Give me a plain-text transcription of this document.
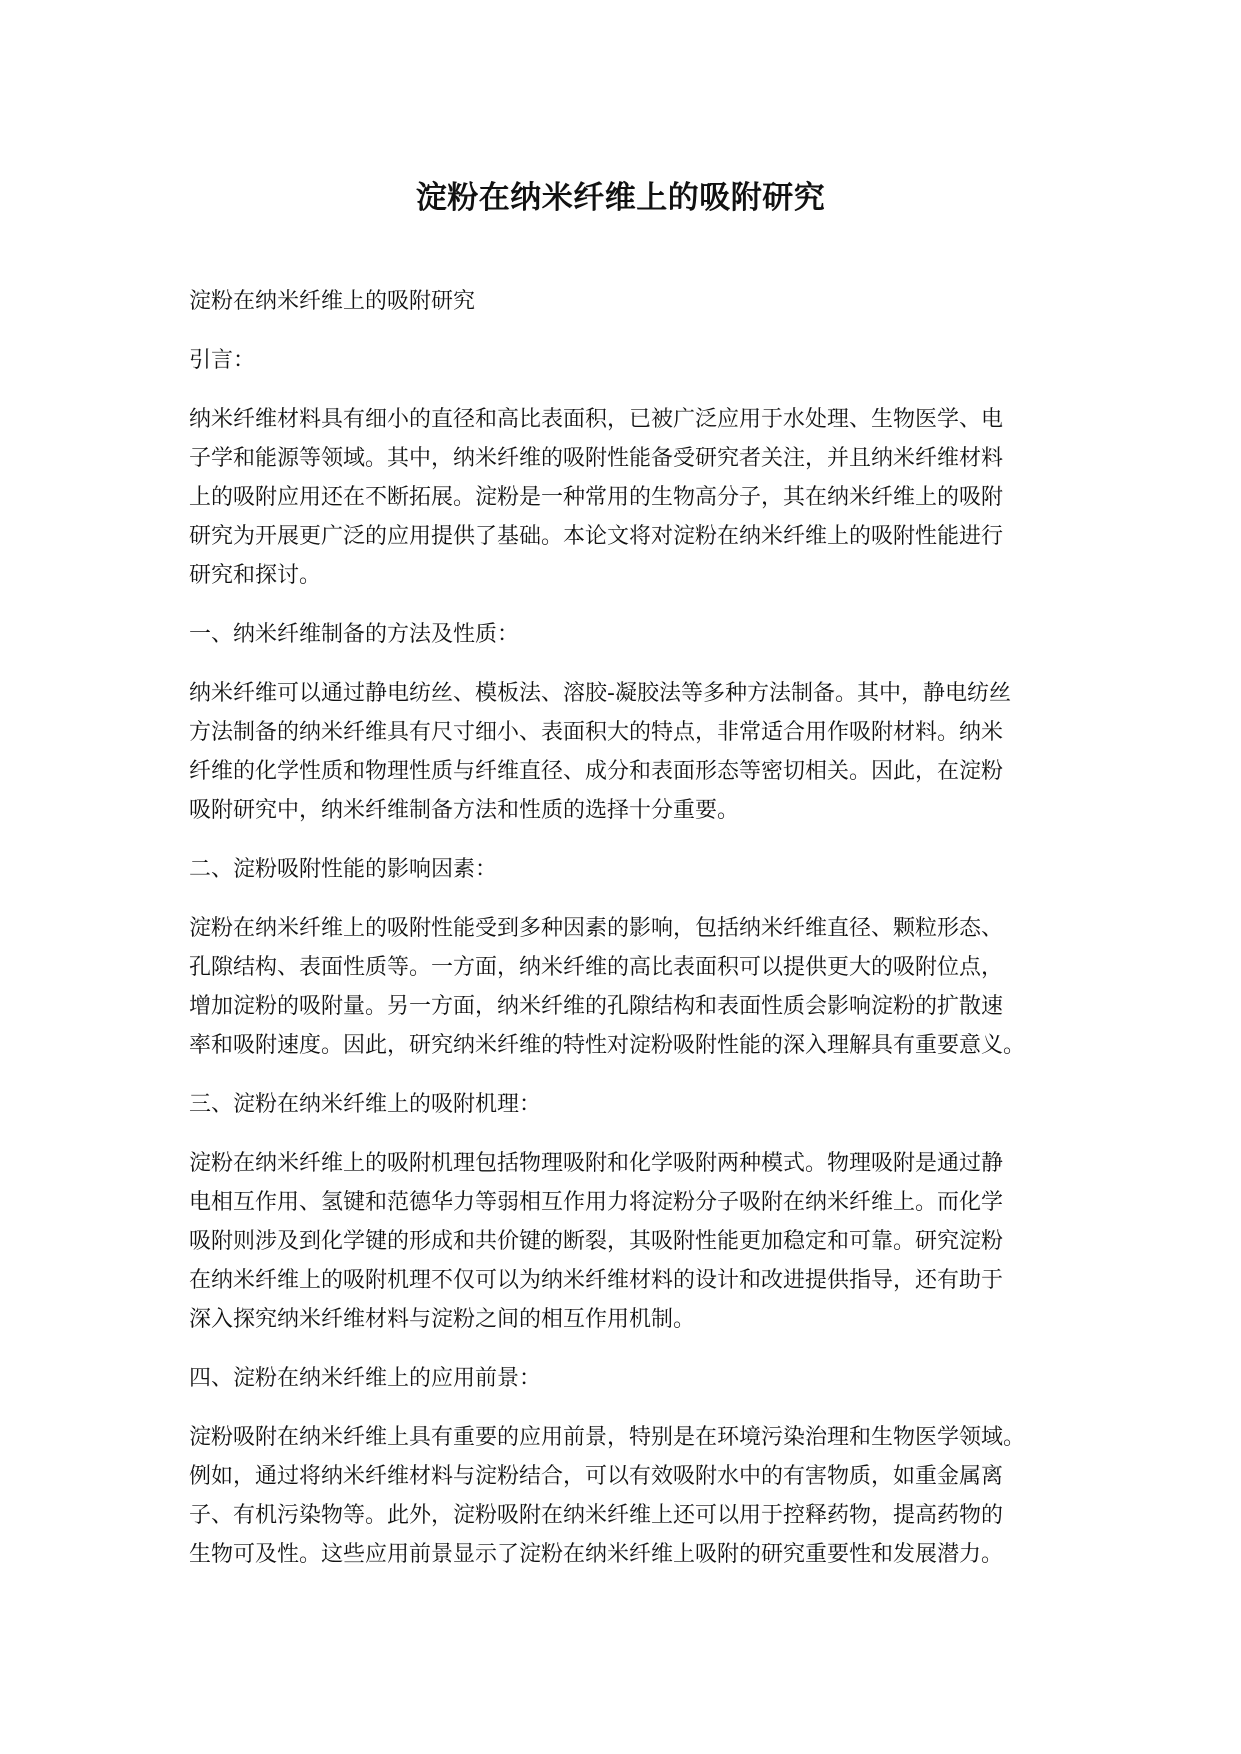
淀粉在纳米纤维上的吸附研究

淀粉在纳米纤维上的吸附研究

引言：

纳米纤维材料具有细小的直径和高比表面积，已被广泛应用于水处理、生物医学、电

子学和能源等领域。其中，纳米纤维的吸附性能备受研究者关注，并且纳米纤维材料

上的吸附应用还在不断拓展。淀粉是一种常用的生物高分子，其在纳米纤维上的吸附

研究为开展更广泛的应用提供了基础。本论文将对淀粉在纳米纤维上的吸附性能进行

研究和探讨。

一、纳米纤维制备的方法及性质：

纳米纤维可以通过静电纺丝、模板法、溶胶-凝胶法等多种方法制备。其中，静电纺丝

方法制备的纳米纤维具有尺寸细小、表面积大的特点，非常适合用作吸附材料。纳米

纤维的化学性质和物理性质与纤维直径、成分和表面形态等密切相关。因此，在淀粉

吸附研究中，纳米纤维制备方法和性质的选择十分重要。

二、淀粉吸附性能的影响因素：

淀粉在纳米纤维上的吸附性能受到多种因素的影响，包括纳米纤维直径、颗粒形态、

孔隙结构、表面性质等。一方面，纳米纤维的高比表面积可以提供更大的吸附位点，

增加淀粉的吸附量。另一方面，纳米纤维的孔隙结构和表面性质会影响淀粉的扩散速

率和吸附速度。因此，研究纳米纤维的特性对淀粉吸附性能的深入理解具有重要意义。

三、淀粉在纳米纤维上的吸附机理：

淀粉在纳米纤维上的吸附机理包括物理吸附和化学吸附两种模式。物理吸附是通过静

电相互作用、氢键和范德华力等弱相互作用力将淀粉分子吸附在纳米纤维上。而化学

吸附则涉及到化学键的形成和共价键的断裂，其吸附性能更加稳定和可靠。研究淀粉

在纳米纤维上的吸附机理不仅可以为纳米纤维材料的设计和改进提供指导，还有助于

深入探究纳米纤维材料与淀粉之间的相互作用机制。

四、淀粉在纳米纤维上的应用前景：

淀粉吸附在纳米纤维上具有重要的应用前景，特别是在环境污染治理和生物医学领域。

例如，通过将纳米纤维材料与淀粉结合，可以有效吸附水中的有害物质，如重金属离

子、有机污染物等。此外，淀粉吸附在纳米纤维上还可以用于控释药物，提高药物的

生物可及性。这些应用前景显示了淀粉在纳米纤维上吸附的研究重要性和发展潜力。
